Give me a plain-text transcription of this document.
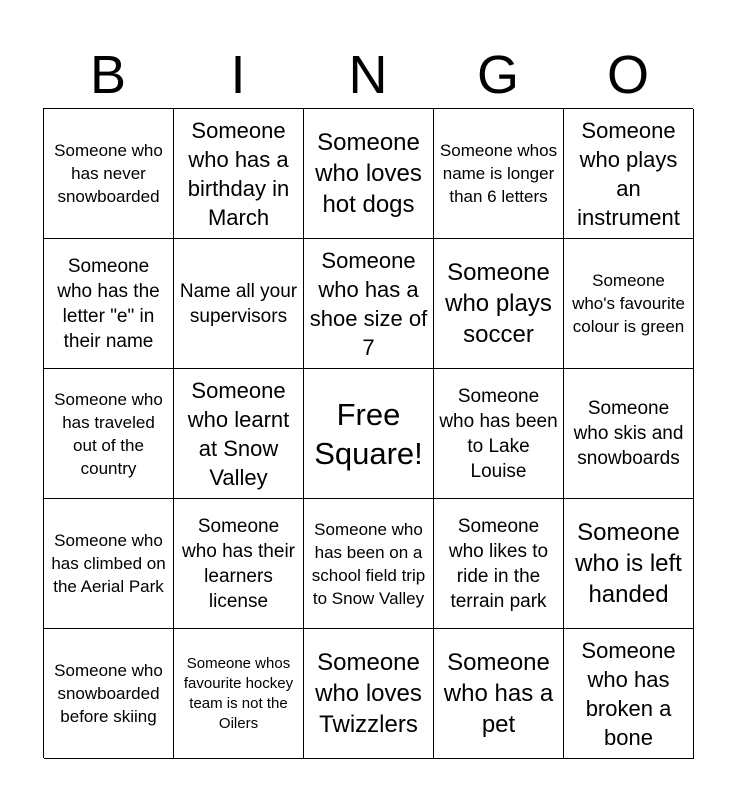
B	I	N	G	O
Someone who has never snowboarded
Someone who has a birthday in March
Someone who loves hot dogs
Someone whos name is longer than 6 letters
Someone who plays an instrument
Someone who has the letter "e" in their name
Name all your supervisors
Someone who has a shoe size of 7
Someone who plays soccer
Someone who's favourite colour is green
Someone who has traveled out of the country
Someone who learnt at Snow Valley
Free Square!
Someone who has been to Lake Louise
Someone who skis and snowboards
Someone who has climbed on the Aerial Park
Someone who has their learners license
Someone who has been on a school field trip to Snow Valley
Someone who likes to ride in the terrain park
Someone who is left handed
Someone who snowboarded before skiing
Someone whos favourite hockey team is not the Oilers
Someone who loves Twizzlers
Someone who has a pet
Someone who has broken a bone
